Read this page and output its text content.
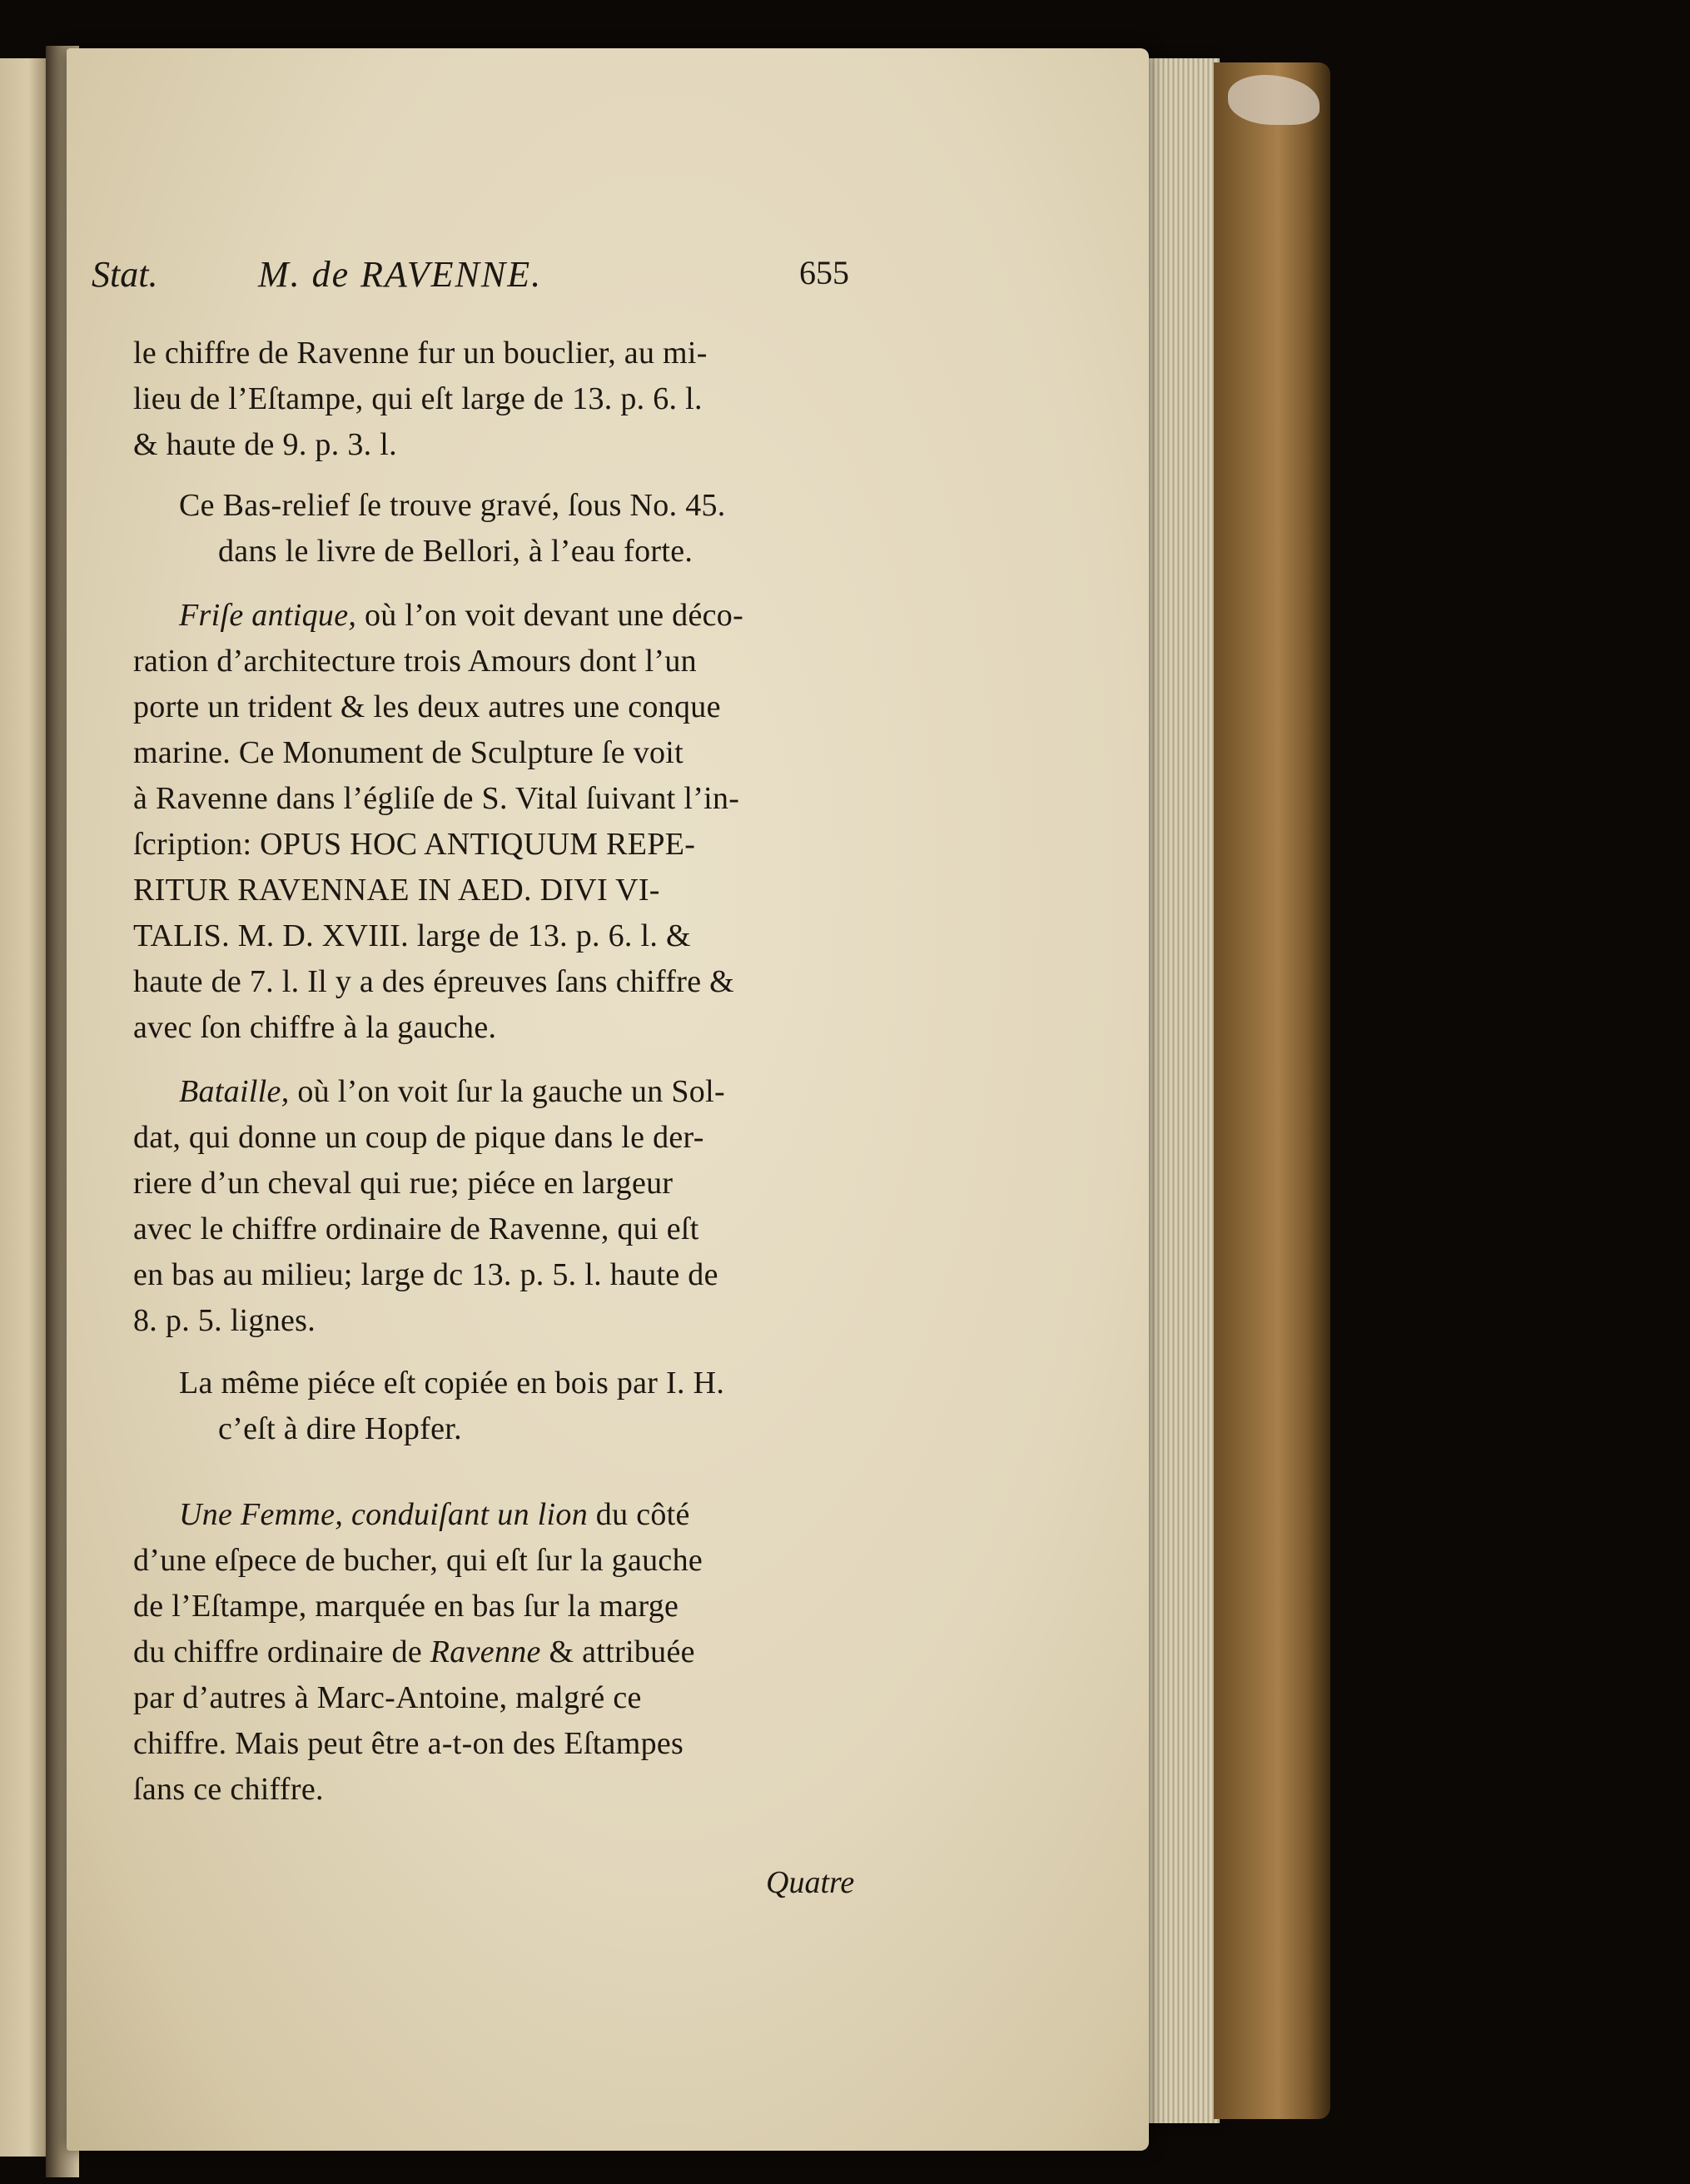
Stat.	M. de RAVENNE.	655
le chiffre de Ravenne fur un bouclier, au mi-
lieu de l’Eſtampe, qui eſt large de 13. p. 6. l.
& haute de 9. p. 3. l.
Ce Bas-relief ſe trouve gravé, ſous No. 45.
dans le livre de Bellori, à l’eau forte.
Friſe antique, où l’on voit devant une déco-
ration d’architecture trois Amours dont l’un
porte un trident & les deux autres une conque
marine. Ce Monument de Sculpture ſe voit
à Ravenne dans l’égliſe de S. Vital ſuivant l’in-
ſcription: OPUS HOC ANTIQUUM REPE-
RITUR RAVENNAE IN AED. DIVI VI-
TALIS. M. D. XVIII. large de 13. p. 6. l. &
haute de 7. l. Il y a des épreuves ſans chiffre &
avec ſon chiffre à la gauche.
Bataille, où l’on voit ſur la gauche un Sol-
dat, qui donne un coup de pique dans le der-
riere d’un cheval qui rue; piéce en largeur
avec le chiffre ordinaire de Ravenne, qui eſt
en bas au milieu; large dc 13. p. 5. l. haute de
8. p. 5. lignes.
La même piéce eſt copiée en bois par I. H.
c’eſt à dire Hopfer.
Une Femme, conduiſant un lion du côté
d’une eſpece de bucher, qui eſt ſur la gauche
de l’Eſtampe, marquée en bas ſur la marge
du chiffre ordinaire de Ravenne & attribuée
par d’autres à Marc-Antoine, malgré ce
chiffre. Mais peut être a-t-on des Eſtampes
ſans ce chiffre.
Quatre
